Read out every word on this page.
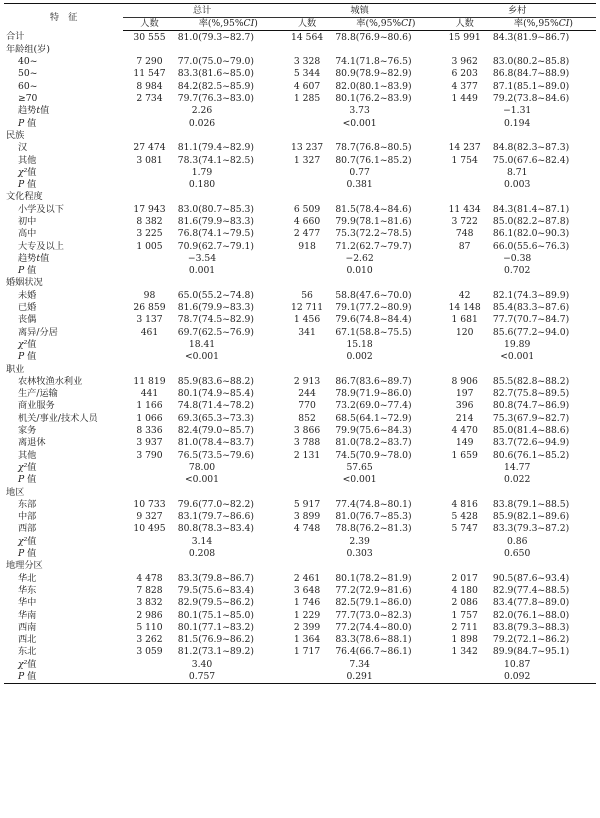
特　征	总计		城镇		乡村	
	人数	率(%,95%CI)	人数	率(%,95%CI)	人数	率(%,95%CI)
合计	30 555	81.0(79.3~82.7)	14 564	78.8(76.9~80.6)	15 991	84.3(81.9~86.7)
年龄组(岁)						
40~	7 290	77.0(75.0~79.0)	3 328	74.1(71.8~76.5)	3 962	83.0(80.2~85.8)
50~	11 547	83.3(81.6~85.0)	5 344	80.9(78.9~82.9)	6 203	86.8(84.7~88.9)
60~	8 984	84.2(82.5~85.9)	4 607	82.0(80.1~83.9)	4 377	87.1(85.1~89.0)
≥70	2 734	79.7(76.3~83.0)	1 285	80.1(76.2~83.9)	1 449	79.2(73.8~84.6)
趋势t值	2.26		3.73		−1.31	
P 值	0.026		<0.001		0.194	
民族						
汉	27 474	81.1(79.4~82.9)	13 237	78.7(76.8~80.5)	14 237	84.8(82.3~87.3)
其他	3 081	78.3(74.1~82.5)	1 327	80.7(76.1~85.2)	1 754	75.0(67.6~82.4)
χ²值	1.79		0.77		8.71	
P 值	0.180		0.381		0.003	
文化程度						
小学及以下	17 943	83.0(80.7~85.3)	6 509	81.5(78.4~84.6)	11 434	84.3(81.4~87.1)
初中	8 382	81.6(79.9~83.3)	4 660	79.9(78.1~81.6)	3 722	85.0(82.2~87.8)
高中	3 225	76.8(74.1~79.5)	2 477	75.3(72.2~78.5)	748	86.1(82.0~90.3)
大专及以上	1 005	70.9(62.7~79.1)	918	71.2(62.7~79.7)	87	66.0(55.6~76.3)
趋势t值	−3.54		−2.62		−0.38	
P 值	0.001		0.010		0.702	
婚姻状况						
未婚	98	65.0(55.2~74.8)	56	58.8(47.6~70.0)	42	82.1(74.3~89.9)
已婚	26 859	81.6(79.9~83.3)	12 711	79.1(77.2~80.9)	14 148	85.4(83.3~87.6)
丧偶	3 137	78.7(74.5~82.9)	1 456	79.6(74.8~84.4)	1 681	77.7(70.7~84.7)
离异/分居	461	69.7(62.5~76.9)	341	67.1(58.8~75.5)	120	85.6(77.2~94.0)
χ²值	18.41		15.18		19.89	
P 值	<0.001		0.002		<0.001	
职业						
农林牧渔水利业	11 819	85.9(83.6~88.2)	2 913	86.7(83.6~89.7)	8 906	85.5(82.8~88.2)
生产/运输	441	80.1(74.9~85.4)	244	78.9(71.9~86.0)	197	82.7(75.8~89.5)
商业服务	1 166	74.8(71.4~78.2)	770	73.2(69.0~77.4)	396	80.8(74.7~86.9)
机关/事业/技术人员	1 066	69.3(65.3~73.3)	852	68.5(64.1~72.9)	214	75.3(67.9~82.7)
家务	8 336	82.4(79.0~85.7)	3 866	79.9(75.6~84.3)	4 470	85.0(81.4~88.6)
离退休	3 937	81.0(78.4~83.7)	3 788	81.0(78.2~83.7)	149	83.7(72.6~94.9)
其他	3 790	76.5(73.5~79.6)	2 131	74.5(70.9~78.0)	1 659	80.6(76.1~85.2)
χ²值	78.00		57.65		14.77	
P 值	<0.001		<0.001		0.022	
地区						
东部	10 733	79.6(77.0~82.2)	5 917	77.4(74.8~80.1)	4 816	83.8(79.1~88.5)
中部	9 327	83.1(79.7~86.6)	3 899	81.0(76.7~85.3)	5 428	85.9(82.1~89.6)
西部	10 495	80.8(78.3~83.4)	4 748	78.8(76.2~81.3)	5 747	83.3(79.3~87.2)
χ²值	3.14		2.39		0.86	
P 值	0.208		0.303		0.650	
地理分区						
华北	4 478	83.3(79.8~86.7)	2 461	80.1(78.2~81.9)	2 017	90.5(87.6~93.4)
华东	7 828	79.5(75.6~83.4)	3 648	77.2(72.9~81.6)	4 180	82.9(77.4~88.5)
华中	3 832	82.9(79.5~86.2)	1 746	82.5(79.1~86.0)	2 086	83.4(77.8~89.0)
华南	2 986	80.1(75.1~85.0)	1 229	77.7(73.0~82.3)	1 757	82.0(76.1~88.0)
西南	5 110	80.1(77.1~83.2)	2 399	77.2(74.4~80.0)	2 711	83.8(79.3~88.3)
西北	3 262	81.5(76.9~86.2)	1 364	83.3(78.6~88.1)	1 898	79.2(72.1~86.2)
东北	3 059	81.2(73.1~89.2)	1 717	76.4(66.7~86.1)	1 342	89.9(84.7~95.1)
χ²值	3.40		7.34		10.87	
P 值	0.757		0.291		0.092	
